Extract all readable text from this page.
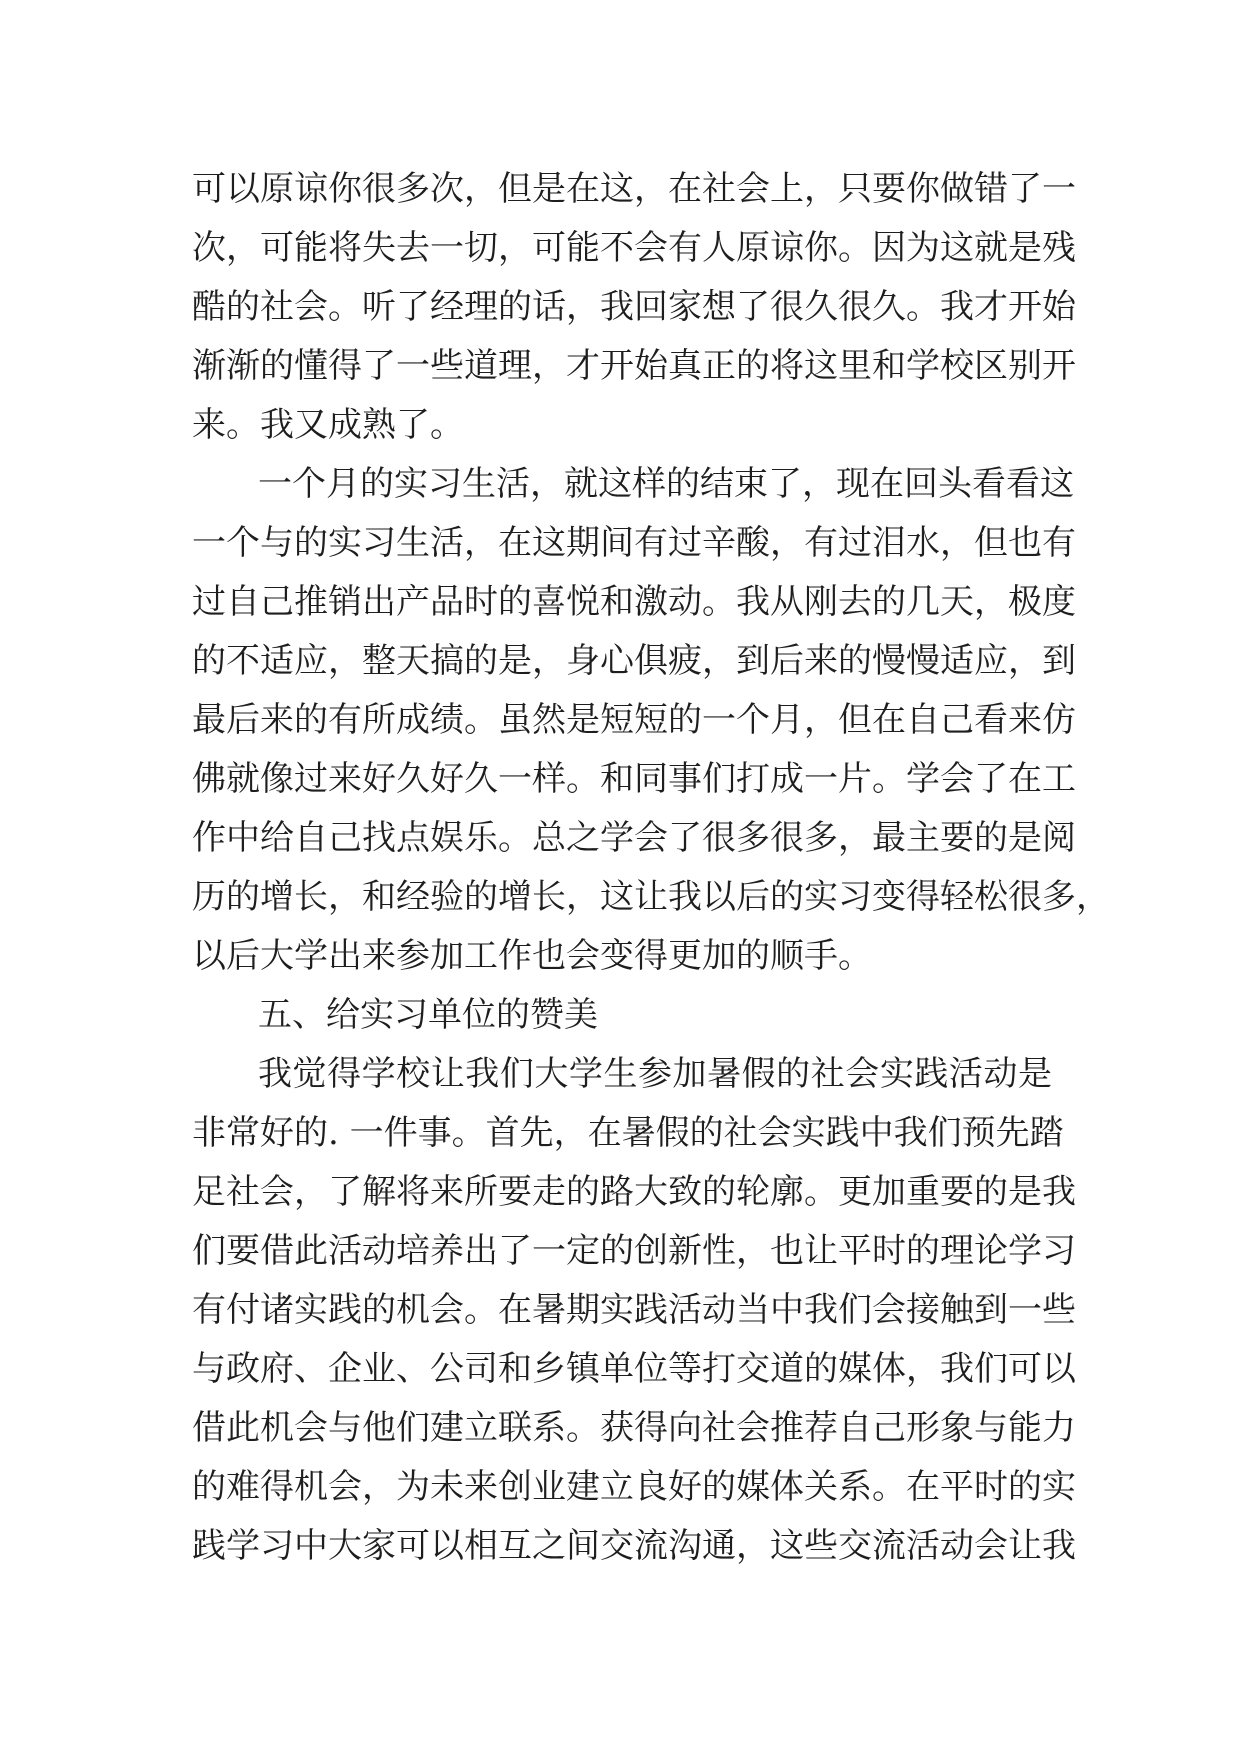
可以原谅你很多次，但是在这，在社会上，只要你做错了一
次，可能将失去一切，可能不会有人原谅你。因为这就是残
酷的社会。听了经理的话，我回家想了很久很久。我才开始
渐渐的懂得了一些道理，才开始真正的将这里和学校区别开
来。我又成熟了。
一个月的实习生活，就这样的结束了，现在回头看看这
一个与的实习生活，在这期间有过辛酸，有过泪水，但也有
过自己推销出产品时的喜悦和激动。我从刚去的几天，极度
的不适应，整天搞的是，身心俱疲，到后来的慢慢适应，到
最后来的有所成绩。虽然是短短的一个月，但在自己看来仿
佛就像过来好久好久一样。和同事们打成一片。学会了在工
作中给自己找点娱乐。总之学会了很多很多，最主要的是阅
历的增长，和经验的增长，这让我以后的实习变得轻松很多，
以后大学出来参加工作也会变得更加的顺手。
五、给实习单位的赞美
我觉得学校让我们大学生参加暑假的社会实践活动是
非常好的. 一件事。首先，在暑假的社会实践中我们预先踏
足社会，了解将来所要走的路大致的轮廓。更加重要的是我
们要借此活动培养出了一定的创新性，也让平时的理论学习
有付诸实践的机会。在暑期实践活动当中我们会接触到一些
与政府、企业、公司和乡镇单位等打交道的媒体，我们可以
借此机会与他们建立联系。获得向社会推荐自己形象与能力
的难得机会，为未来创业建立良好的媒体关系。在平时的实
践学习中大家可以相互之间交流沟通，这些交流活动会让我
